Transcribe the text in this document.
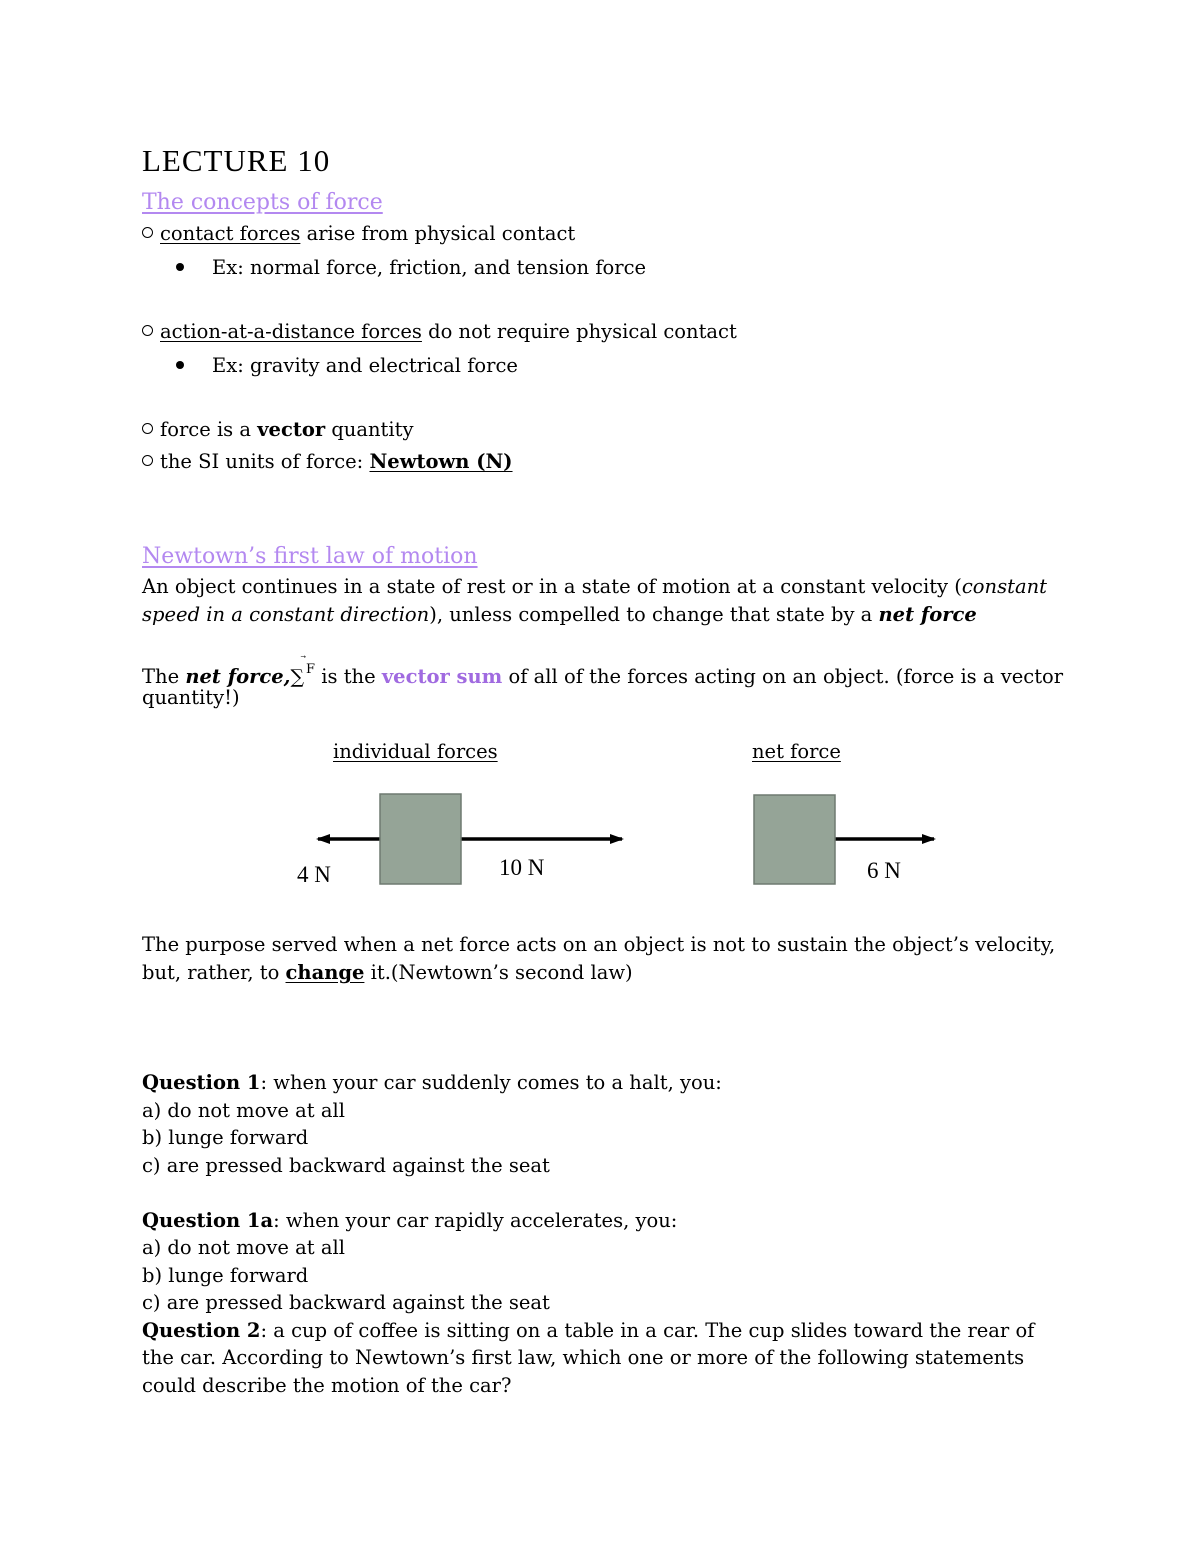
LECTURE 10
The concepts of force
contact forces arise from physical contact
Ex: normal force, friction, and tension force
action-at-a-distance forces do not require physical contact
Ex: gravity and electrical force
force is a vector quantity
the SI units of force: Newtown (N)
Newtown’s first law of motion
An object continues in a state of rest or in a state of motion at a constant velocity (constant
speed in a constant direction), unless compelled to change that state by a net force
The net force,∑ F is the vector sum of all of the forces acting on an object. (force is a vector
quantity!)
individual forces	net force
The purpose served when a net force acts on an object is not to sustain the object’s velocity,
but, rather, to change it.(Newtown’s second law)
Question 1: when your car suddenly comes to a halt, you:
a) do not move at all
b) lunge forward
c) are pressed backward against the seat
Question 1a: when your car rapidly accelerates, you:
a) do not move at all
b) lunge forward
c) are pressed backward against the seat
Question 2: a cup of coffee is sitting on a table in a car. The cup slides toward the rear of
the car. According to Newtown’s first law, which one or more of the following statements
could describe the motion of the car?
4 N	10 N	6 N
